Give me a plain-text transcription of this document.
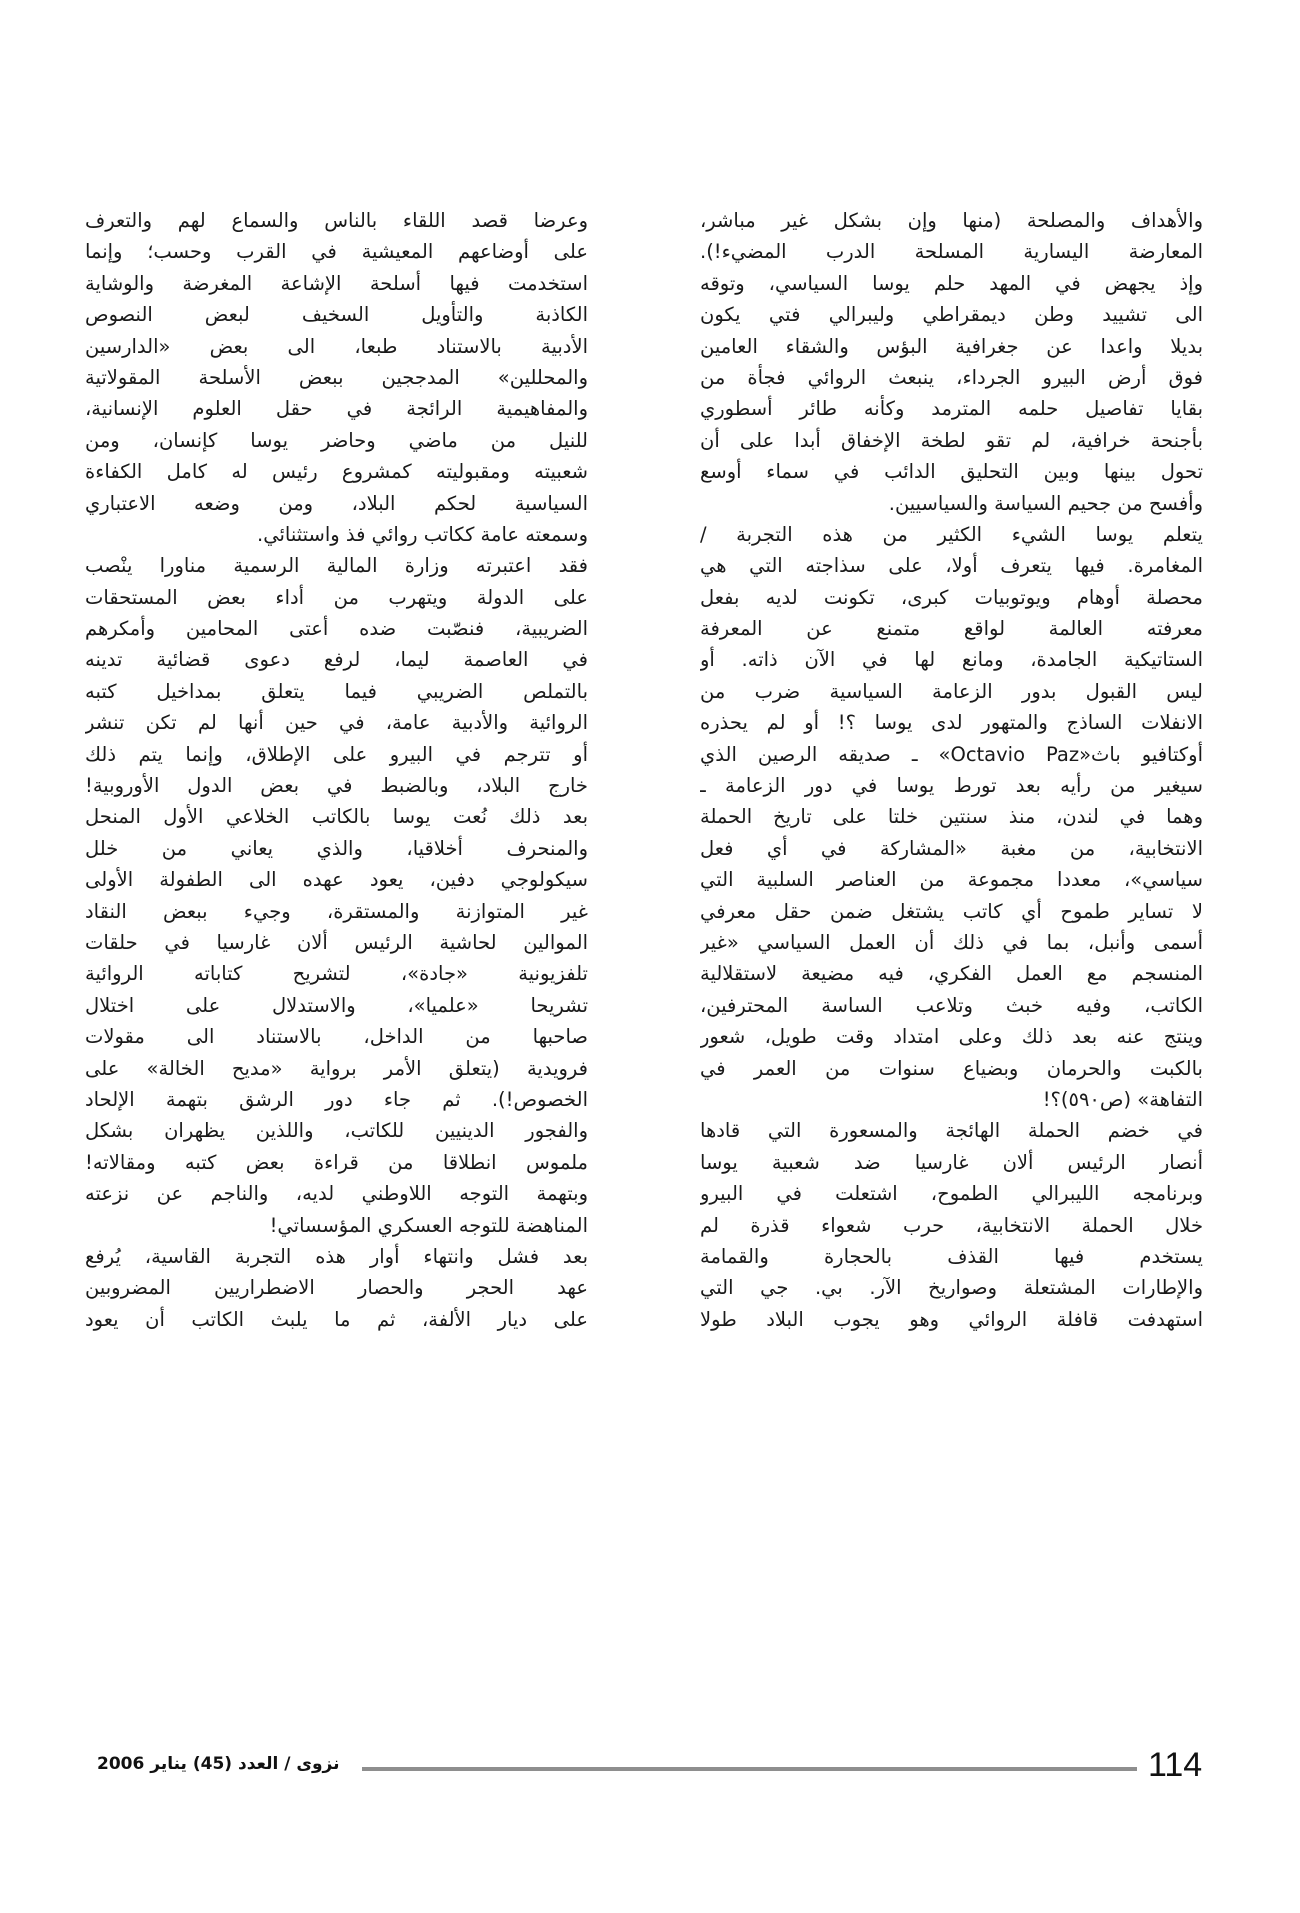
والأهداف والمصلحة (منها وإن بشكل غير مباشر،
المعارضة اليسارية المسلحة الدرب المضيء!).
وإذ يجهض في المهد حلم يوسا السياسي، وتوقه
الى تشييد وطن ديمقراطي وليبرالي فتي يكون
بديلا واعدا عن جغرافية البؤس والشقاء العامين
فوق أرض البيرو الجرداء، ينبعث الروائي فجأة من
بقايا تفاصيل حلمه المترمد وكأنه طائر أسطوري
بأجنحة خرافية، لم تقو لطخة الإخفاق أبدا على أن
تحول بينها وبين التحليق الدائب في سماء أوسع
وأفسح من جحيم السياسة والسياسيين.
يتعلم يوسا الشيء الكثير من هذه التجربة /
المغامرة. فيها يتعرف أولا، على سذاجته التي هي
محصلة أوهام ويوتوبيات كبرى، تكونت لديه بفعل
معرفته العالمة لواقع متمنع عن المعرفة
الستاتيكية الجامدة، ومانع لها في الآن ذاته. أو
ليس القبول بدور الزعامة السياسية ضرب من
الانفلات الساذج والمتهور لدى يوسا ؟! أو لم يحذره
أوكتافيو باث«Octavio Paz» ـ صديقه الرصين الذي
سيغير من رأيه بعد تورط يوسا في دور الزعامة ـ
وهما في لندن، منذ سنتين خلتا على تاريخ الحملة
الانتخابية، من مغبة «المشاركة في أي فعل
سياسي»، معددا مجموعة من العناصر السلبية التي
لا تساير طموح أي كاتب يشتغل ضمن حقل معرفي
أسمى وأنبل، بما في ذلك أن العمل السياسي «غير
المنسجم مع العمل الفكري، فيه مضيعة لاستقلالية
الكاتب، وفيه خبث وتلاعب الساسة المحترفين،
وينتج عنه بعد ذلك وعلى امتداد وقت طويل، شعور
بالكبت والحرمان وبضياع سنوات من العمر في
التفاهة» (ص٥٩٠)؟!
في خضم الحملة الهائجة والمسعورة التي قادها
أنصار الرئيس ألان غارسيا ضد شعبية يوسا
وبرنامجه الليبرالي الطموح، اشتعلت في البيرو
خلال الحملة الانتخابية، حرب شعواء قذرة لم
يستخدم فيها القذف بالحجارة والقمامة
والإطارات المشتعلة وصواريخ الآر. بي. جي التي
استهدفت قافلة الروائي وهو يجوب البلاد طولا
وعرضا قصد اللقاء بالناس والسماع لهم والتعرف
على أوضاعهم المعيشية في القرب وحسب؛ وإنما
استخدمت فيها أسلحة الإشاعة المغرضة والوشاية
الكاذبة والتأويل السخيف لبعض النصوص
الأدبية بالاستناد طبعا، الى بعض «الدارسين
والمحللين» المدججين ببعض الأسلحة المقولاتية
والمفاهيمية الرائجة في حقل العلوم الإنسانية،
للنيل من ماضي وحاضر يوسا كإنسان، ومن
شعبيته ومقبوليته كمشروع رئيس له كامل الكفاءة
السياسية لحكم البلاد، ومن وضعه الاعتباري
وسمعته عامة ككاتب روائي فذ واستثنائي.
فقد اعتبرته وزارة المالية الرسمية مناورا ينْصب
على الدولة ويتهرب من أداء بعض المستحقات
الضريبية، فنصّبت ضده أعتى المحامين وأمكرهم
في العاصمة ليما، لرفع دعوى قضائية تدينه
بالتملص الضريبي فيما يتعلق بمداخيل كتبه
الروائية والأدبية عامة، في حين أنها لم تكن تنشر
أو تترجم في البيرو على الإطلاق، وإنما يتم ذلك
خارج البلاد، وبالضبط في بعض الدول الأوروبية!
بعد ذلك نُعت يوسا بالكاتب الخلاعي الأول المنحل
والمنحرف أخلاقيا، والذي يعاني من خلل
سيكولوجي دفين، يعود عهده الى الطفولة الأولى
غير المتوازنة والمستقرة، وجيء ببعض النقاد
الموالين لحاشية الرئيس ألان غارسيا في حلقات
تلفزيونية «جادة»، لتشريح كتاباته الروائية
تشريحا «علميا»، والاستدلال على اختلال
صاحبها من الداخل، بالاستناد الى مقولات
فرويدية (يتعلق الأمر برواية «مديح الخالة» على
الخصوص!). ثم جاء دور الرشق بتهمة الإلحاد
والفجور الدينيين للكاتب، واللذين يظهران بشكل
ملموس انطلاقا من قراءة بعض كتبه ومقالاته!
وبتهمة التوجه اللاوطني لديه، والناجم عن نزعته
المناهضة للتوجه العسكري المؤسساتي!
بعد فشل وانتهاء أوار هذه التجربة القاسية، يُرفع
عهد الحجر والحصار الاضطراريين المضروبين
على ديار الألفة، ثم ما يلبث الكاتب أن يعود
نزوى / العدد (45) يناير 2006	114
